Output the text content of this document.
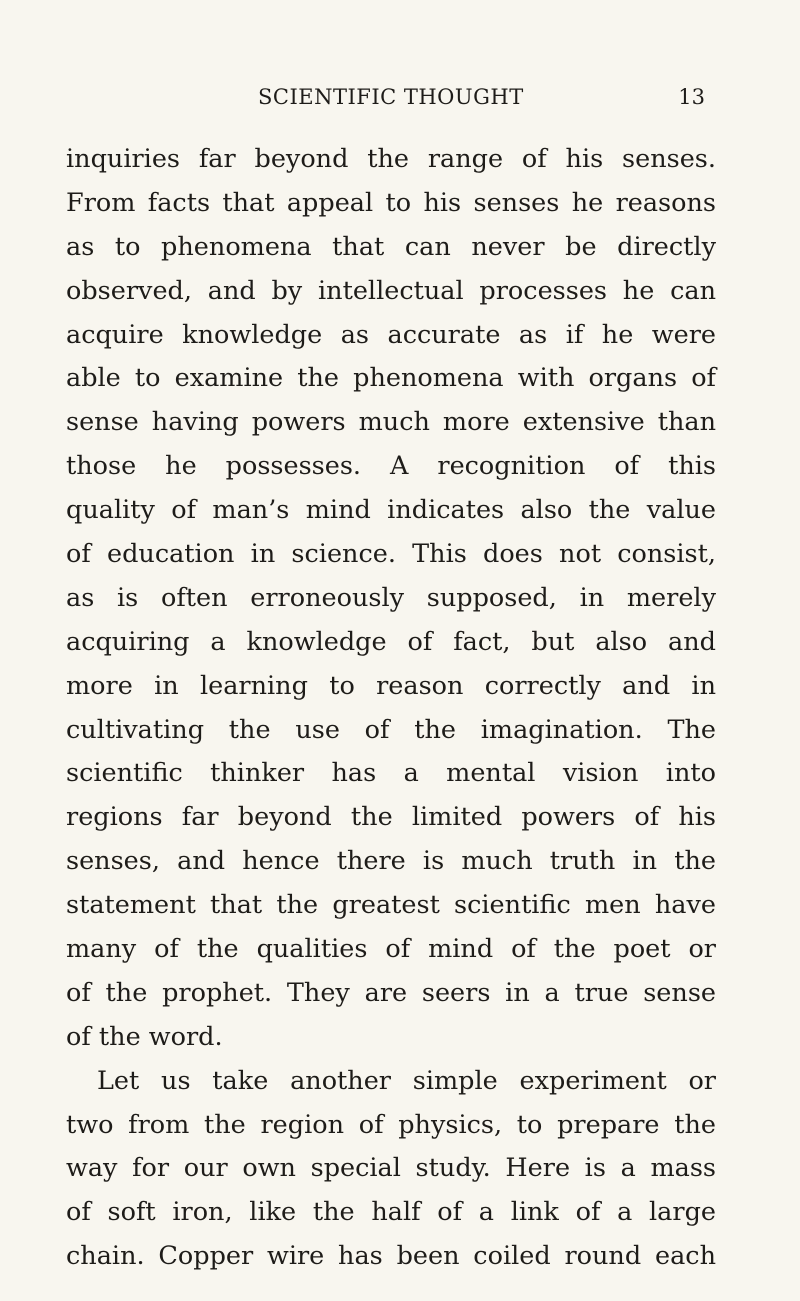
SCIENTIFIC THOUGHT	13
inquiries far beyond the range of his senses.
From facts that appeal to his senses he reasons
as to phenomena that can never be directly
observed, and by intellectual processes he can
acquire knowledge as accurate as if he were
able to examine the phenomena with organs of
sense having powers much more extensive than
those he possesses. A recognition of this
quality of man’s mind indicates also the value
of education in science. This does not consist,
as is often erroneously supposed, in merely
acquiring a knowledge of fact, but also and
more in learning to reason correctly and in
cultivating the use of the imagination. The
scientific thinker has a mental vision into
regions far beyond the limited powers of his
senses, and hence there is much truth in the
statement that the greatest scientific men have
many of the qualities of mind of the poet or
of the prophet. They are seers in a true sense
of the word.
Let us take another simple experiment or
two from the region of physics, to prepare the
way for our own special study. Here is a mass
of soft iron, like the half of a link of a large
chain. Copper wire has been coiled round each
